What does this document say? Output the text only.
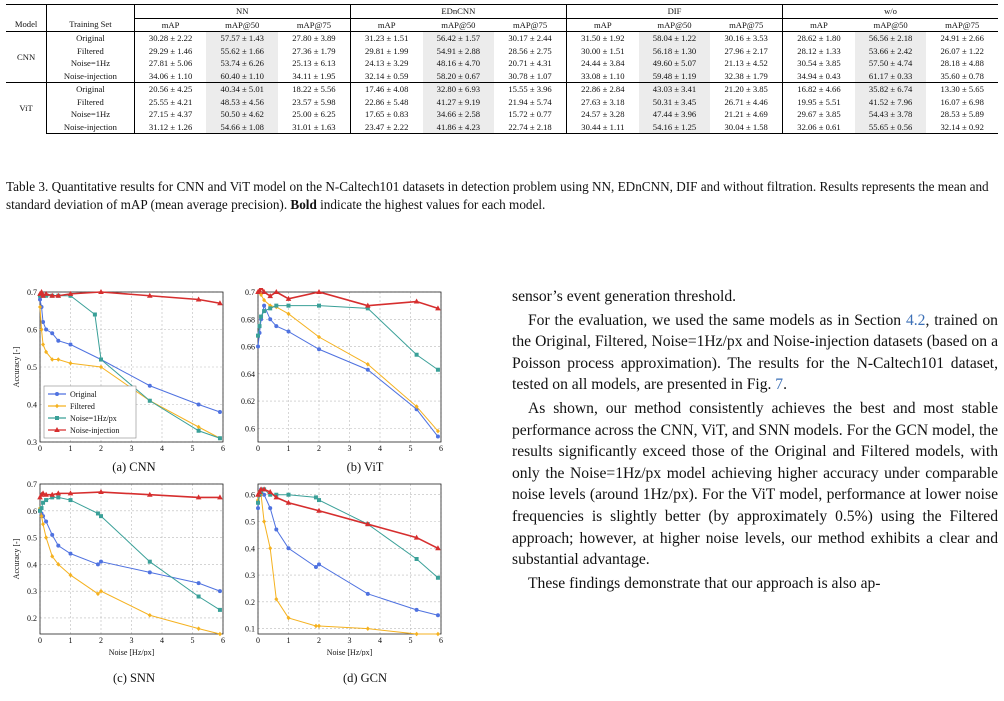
		NN			EDnCNN			DIF			w/o		
Model	Training Set	mAP	mAP@50	mAP@75	mAP	mAP@50	mAP@75	mAP	mAP@50	mAP@75	mAP	mAP@50	mAP@75
CNN	Original	30.28 ± 2.22	57.57 ± 1.43	27.80 ± 3.89	31.23 ± 1.51	56.42 ± 1.57	30.17 ± 2.44	31.50 ± 1.92	58.04 ± 1.22	30.16 ± 3.53	28.62 ± 1.80	56.56 ± 2.18	24.91 ± 2.66
	Filtered	29.29 ± 1.46	55.62 ± 1.66	27.36 ± 1.79	29.81 ± 1.99	54.91 ± 2.88	28.56 ± 2.75	30.00 ± 1.51	56.18 ± 1.30	27.96 ± 2.17	28.12 ± 1.33	53.66 ± 2.42	26.07 ± 1.22
	Noise=1Hz	27.81 ± 5.06	53.74 ± 6.26	25.13 ± 6.13	24.13 ± 3.29	48.16 ± 4.70	20.71 ± 4.31	24.44 ± 3.84	49.60 ± 5.07	21.13 ± 4.52	30.54 ± 3.85	57.50 ± 4.74	28.18 ± 4.88
	Noise-injection	34.06 ± 1.10	60.40 ± 1.10	34.11 ± 1.95	32.14 ± 0.59	58.20 ± 0.67	30.78 ± 1.07	33.08 ± 1.10	59.48 ± 1.19	32.38 ± 1.79	34.94 ± 0.43	61.17 ± 0.33	35.60 ± 0.78
ViT	Original	20.56 ± 4.25	40.34 ± 5.01	18.22 ± 5.56	17.46 ± 4.08	32.80 ± 6.93	15.55 ± 3.96	22.86 ± 2.84	43.03 ± 3.41	21.20 ± 3.85	16.82 ± 4.66	35.82 ± 6.74	13.30 ± 5.65
	Filtered	25.55 ± 4.21	48.53 ± 4.56	23.57 ± 5.98	22.86 ± 5.48	41.27 ± 9.19	21.94 ± 5.74	27.63 ± 3.18	50.31 ± 3.45	26.71 ± 4.46	19.95 ± 5.51	41.52 ± 7.96	16.07 ± 6.98
	Noise=1Hz	27.15 ± 4.37	50.50 ± 4.62	25.00 ± 6.25	17.65 ± 0.83	34.66 ± 2.58	15.72 ± 0.77	24.57 ± 3.28	47.44 ± 3.96	21.21 ± 4.69	29.67 ± 3.85	54.43 ± 3.78	28.53 ± 5.89
	Noise-injection	31.12 ± 1.26	54.66 ± 1.08	31.01 ± 1.63	23.47 ± 2.22	41.86 ± 4.23	22.74 ± 2.18	30.44 ± 1.11	54.16 ± 1.25	30.04 ± 1.58	32.06 ± 0.61	55.65 ± 0.56	32.14 ± 0.92
Table 3. Quantitative results for CNN and ViT model on the N-Caltech101 datasets in detection problem using NN, EDnCNN, DIF and without filtration. Results represents the mean and standard deviation of mAP (mean average precision). Bold indicate the highest values for each model.
0	1	2	3	4	5	6
0.3
0.4
0.5
0.6
0.7
Accuracy [-]
Original
Filtered
Noise=1Hz/px
Noise-injection
0	1	2	3	4	5	6
0.6
0.62
0.64
0.66
0.68
0.7
0	1	2	3	4	5	6
0.2
0.3
0.4
0.5
0.6
0.7
Accuracy [-]
Noise [Hz/px]
0	1	2	3	4	5	6
0.1
0.2
0.3
0.4
0.5
0.6
Noise [Hz/px]
(a) CNN	(b) ViT
(c) SNN	(d) GCN

sensor’s event generation threshold.

For the evaluation, we used the same models as in Section 4.2, trained on the Original, Filtered, Noise=1Hz/px and Noise-injection datasets (based on a Poisson process approximation). The results for the N-Caltech101 dataset, tested on all models, are presented in Fig. 7.

As shown, our method consistently achieves the best and most stable performance across the CNN, ViT, and SNN models. For the GCN model, the results significantly exceed those of the Original and Filtered models, with only the Noise=1Hz/px model achieving higher accuracy under comparable noise levels (around 1Hz/px). For the ViT model, performance at lower noise frequencies is slightly better (by approximately 0.5%) using the Filtered approach; however, at higher noise levels, our method exhibits a clear and substantial advantage.

These findings demonstrate that our approach is also ap-
